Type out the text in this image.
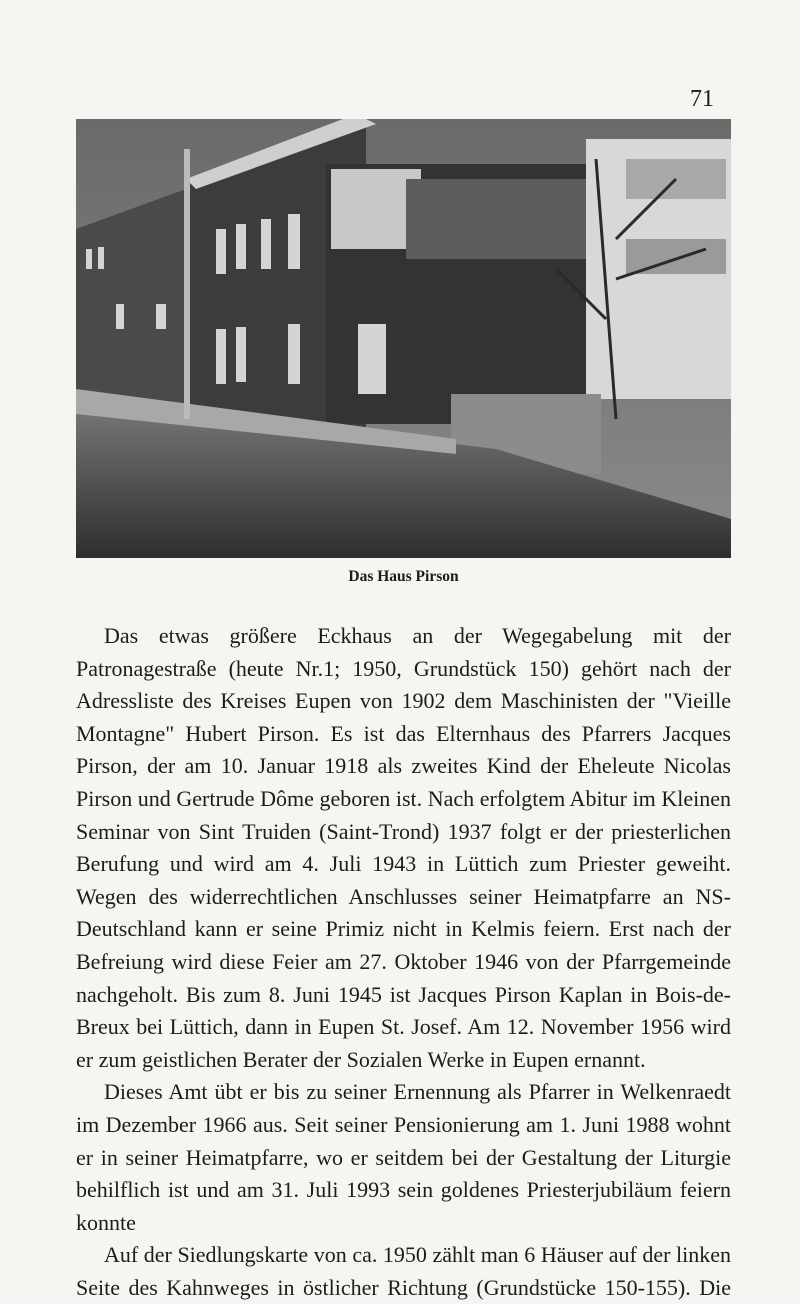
71
Das Haus Pirson
Das etwas größere Eckhaus an der Wegegabelung mit der
Patronagestraße (heute Nr.1; 1950, Grundstück 150) gehört nach der
Adressliste des Kreises Eupen von 1902 dem Maschinisten der "Vieille
Montagne" Hubert Pirson. Es ist das Elternhaus des Pfarrers Jacques
Pirson, der am 10. Januar 1918 als zweites Kind der Eheleute Nicolas
Pirson und Gertrude Dôme geboren ist. Nach erfolgtem Abitur im Kleinen
Seminar von Sint Truiden (Saint-Trond) 1937 folgt er der priesterlichen
Berufung und wird am 4. Juli 1943 in Lüttich zum Priester geweiht.
Wegen des widerrechtlichen Anschlusses seiner Heimatpfarre an NS-
Deutschland kann er seine Primiz nicht in Kelmis feiern. Erst nach der
Befreiung wird diese Feier am 27. Oktober 1946 von der Pfarrgemeinde
nachgeholt. Bis zum 8. Juni 1945 ist Jacques Pirson Kaplan in Bois-de-
Breux bei Lüttich, dann in Eupen St. Josef. Am 12. November 1956 wird
er zum geistlichen Berater der Sozialen Werke in Eupen ernannt.
Dieses Amt übt er bis zu seiner Ernennung als Pfarrer in Welkenraedt
im Dezember 1966 aus. Seit seiner Pensionierung am 1. Juni 1988 wohnt
er in seiner Heimatpfarre, wo er seitdem bei der Gestaltung der Liturgie
behilflich ist und am 31. Juli 1993 sein goldenes Priesterjubiläum feiern
konnte
Auf der Siedlungskarte von ca. 1950 zählt man 6 Häuser auf der linken
Seite des Kahnweges in östlicher Richtung (Grundstücke 150-155). Die
